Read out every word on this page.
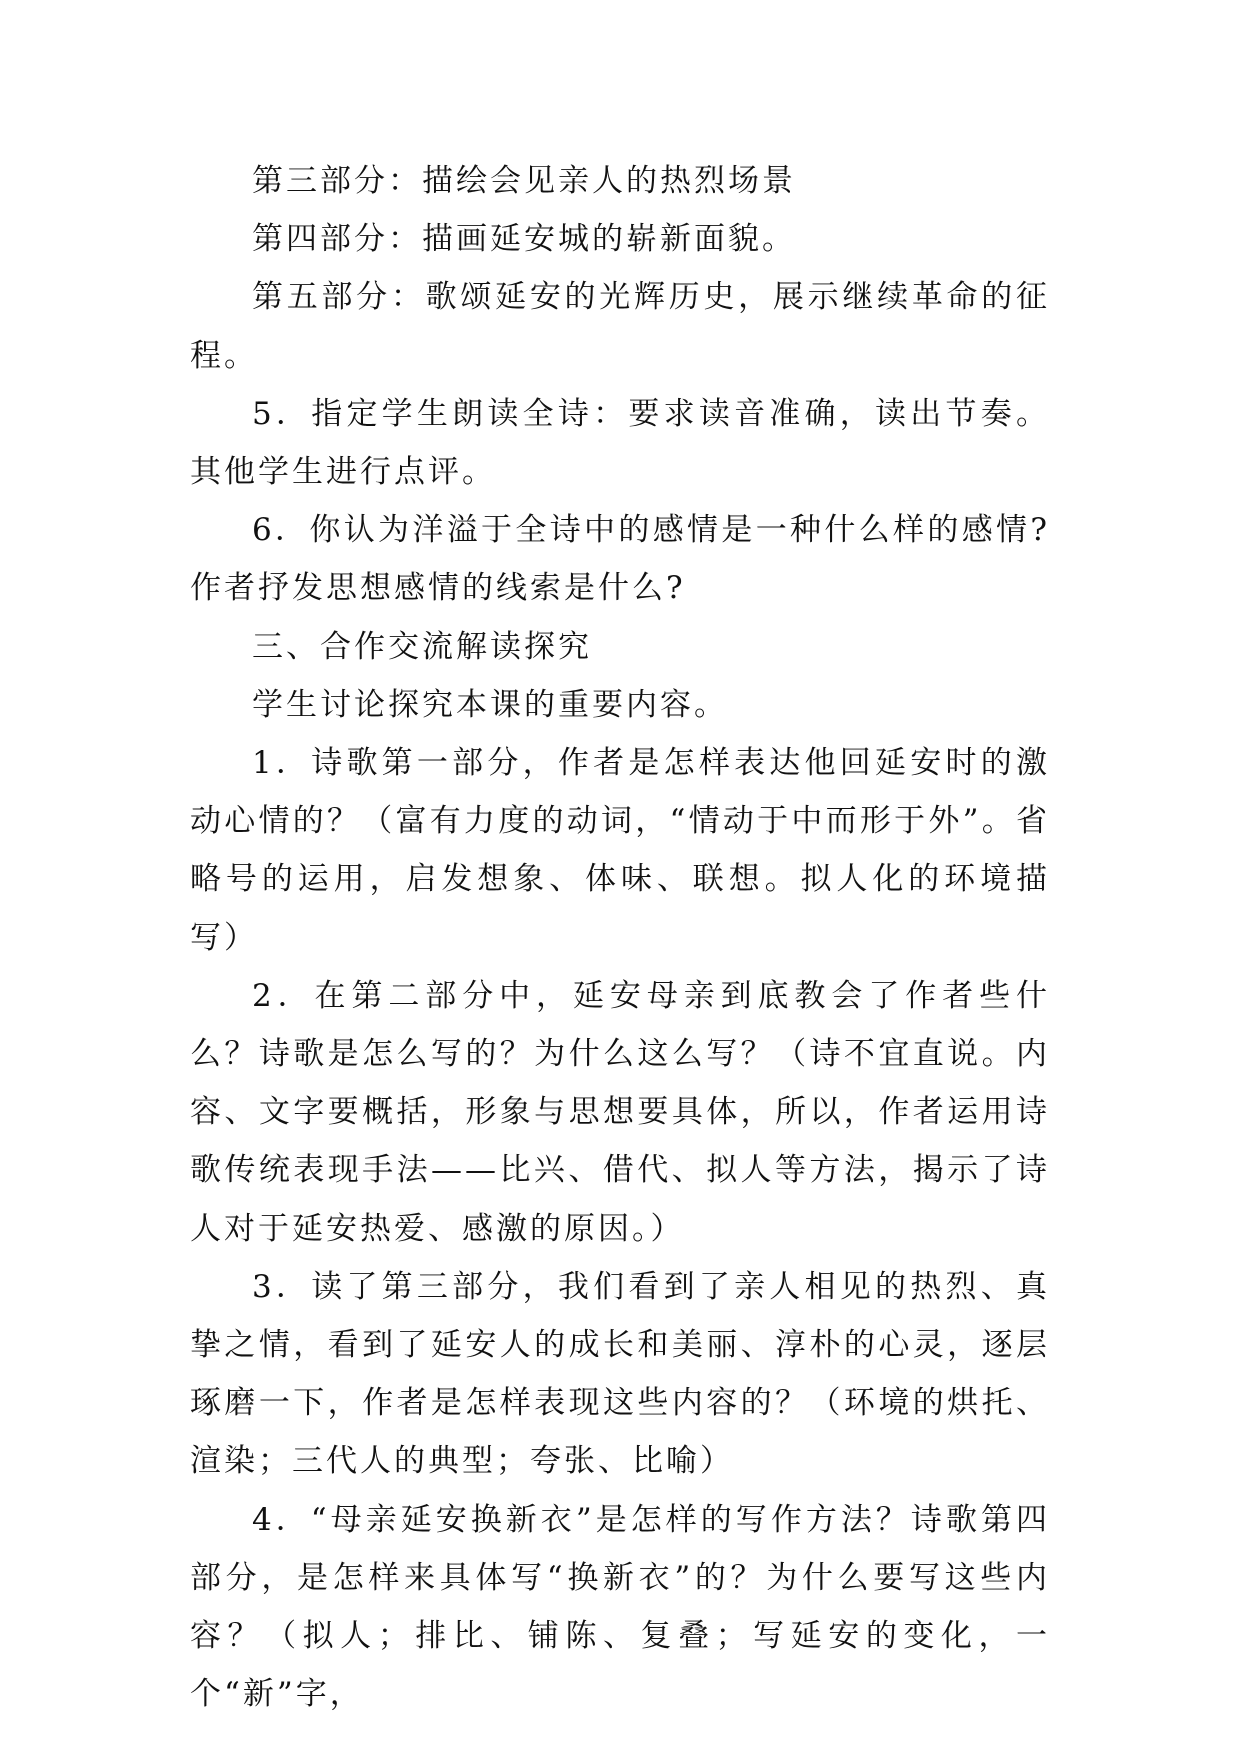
第三部分：描绘会见亲人的热烈场景

第四部分：描画延安城的崭新面貌。

第五部分：歌颂延安的光辉历史，展示继续革命的征程。

5．指定学生朗读全诗：要求读音准确，读出节奏。其他学生进行点评。

6．你认为洋溢于全诗中的感情是一种什么样的感情?作者抒发思想感情的线索是什么?

三、合作交流解读探究

学生讨论探究本课的重要内容。

1．诗歌第一部分，作者是怎样表达他回延安时的激动心情的？（富有力度的动词，“情动于中而形于外”。省略号的运用，启发想象、体味、联想。拟人化的环境描写）

2．在第二部分中，延安母亲到底教会了作者些什么？诗歌是怎么写的？为什么这么写？（诗不宜直说。内容、文字要概括，形象与思想要具体，所以，作者运用诗歌传统表现手法——比兴、借代、拟人等方法，揭示了诗人对于延安热爱、感激的原因。）

3．读了第三部分，我们看到了亲人相见的热烈、真挚之情，看到了延安人的成长和美丽、淳朴的心灵，逐层琢磨一下，作者是怎样表现这些内容的？（环境的烘托、渲染；三代人的典型；夸张、比喻）

4．“母亲延安换新衣”是怎样的写作方法？诗歌第四部分，是怎样来具体写“换新衣”的？为什么要写这些内容？（拟人；排比、铺陈、复叠；写延安的变化，一个“新”字，
